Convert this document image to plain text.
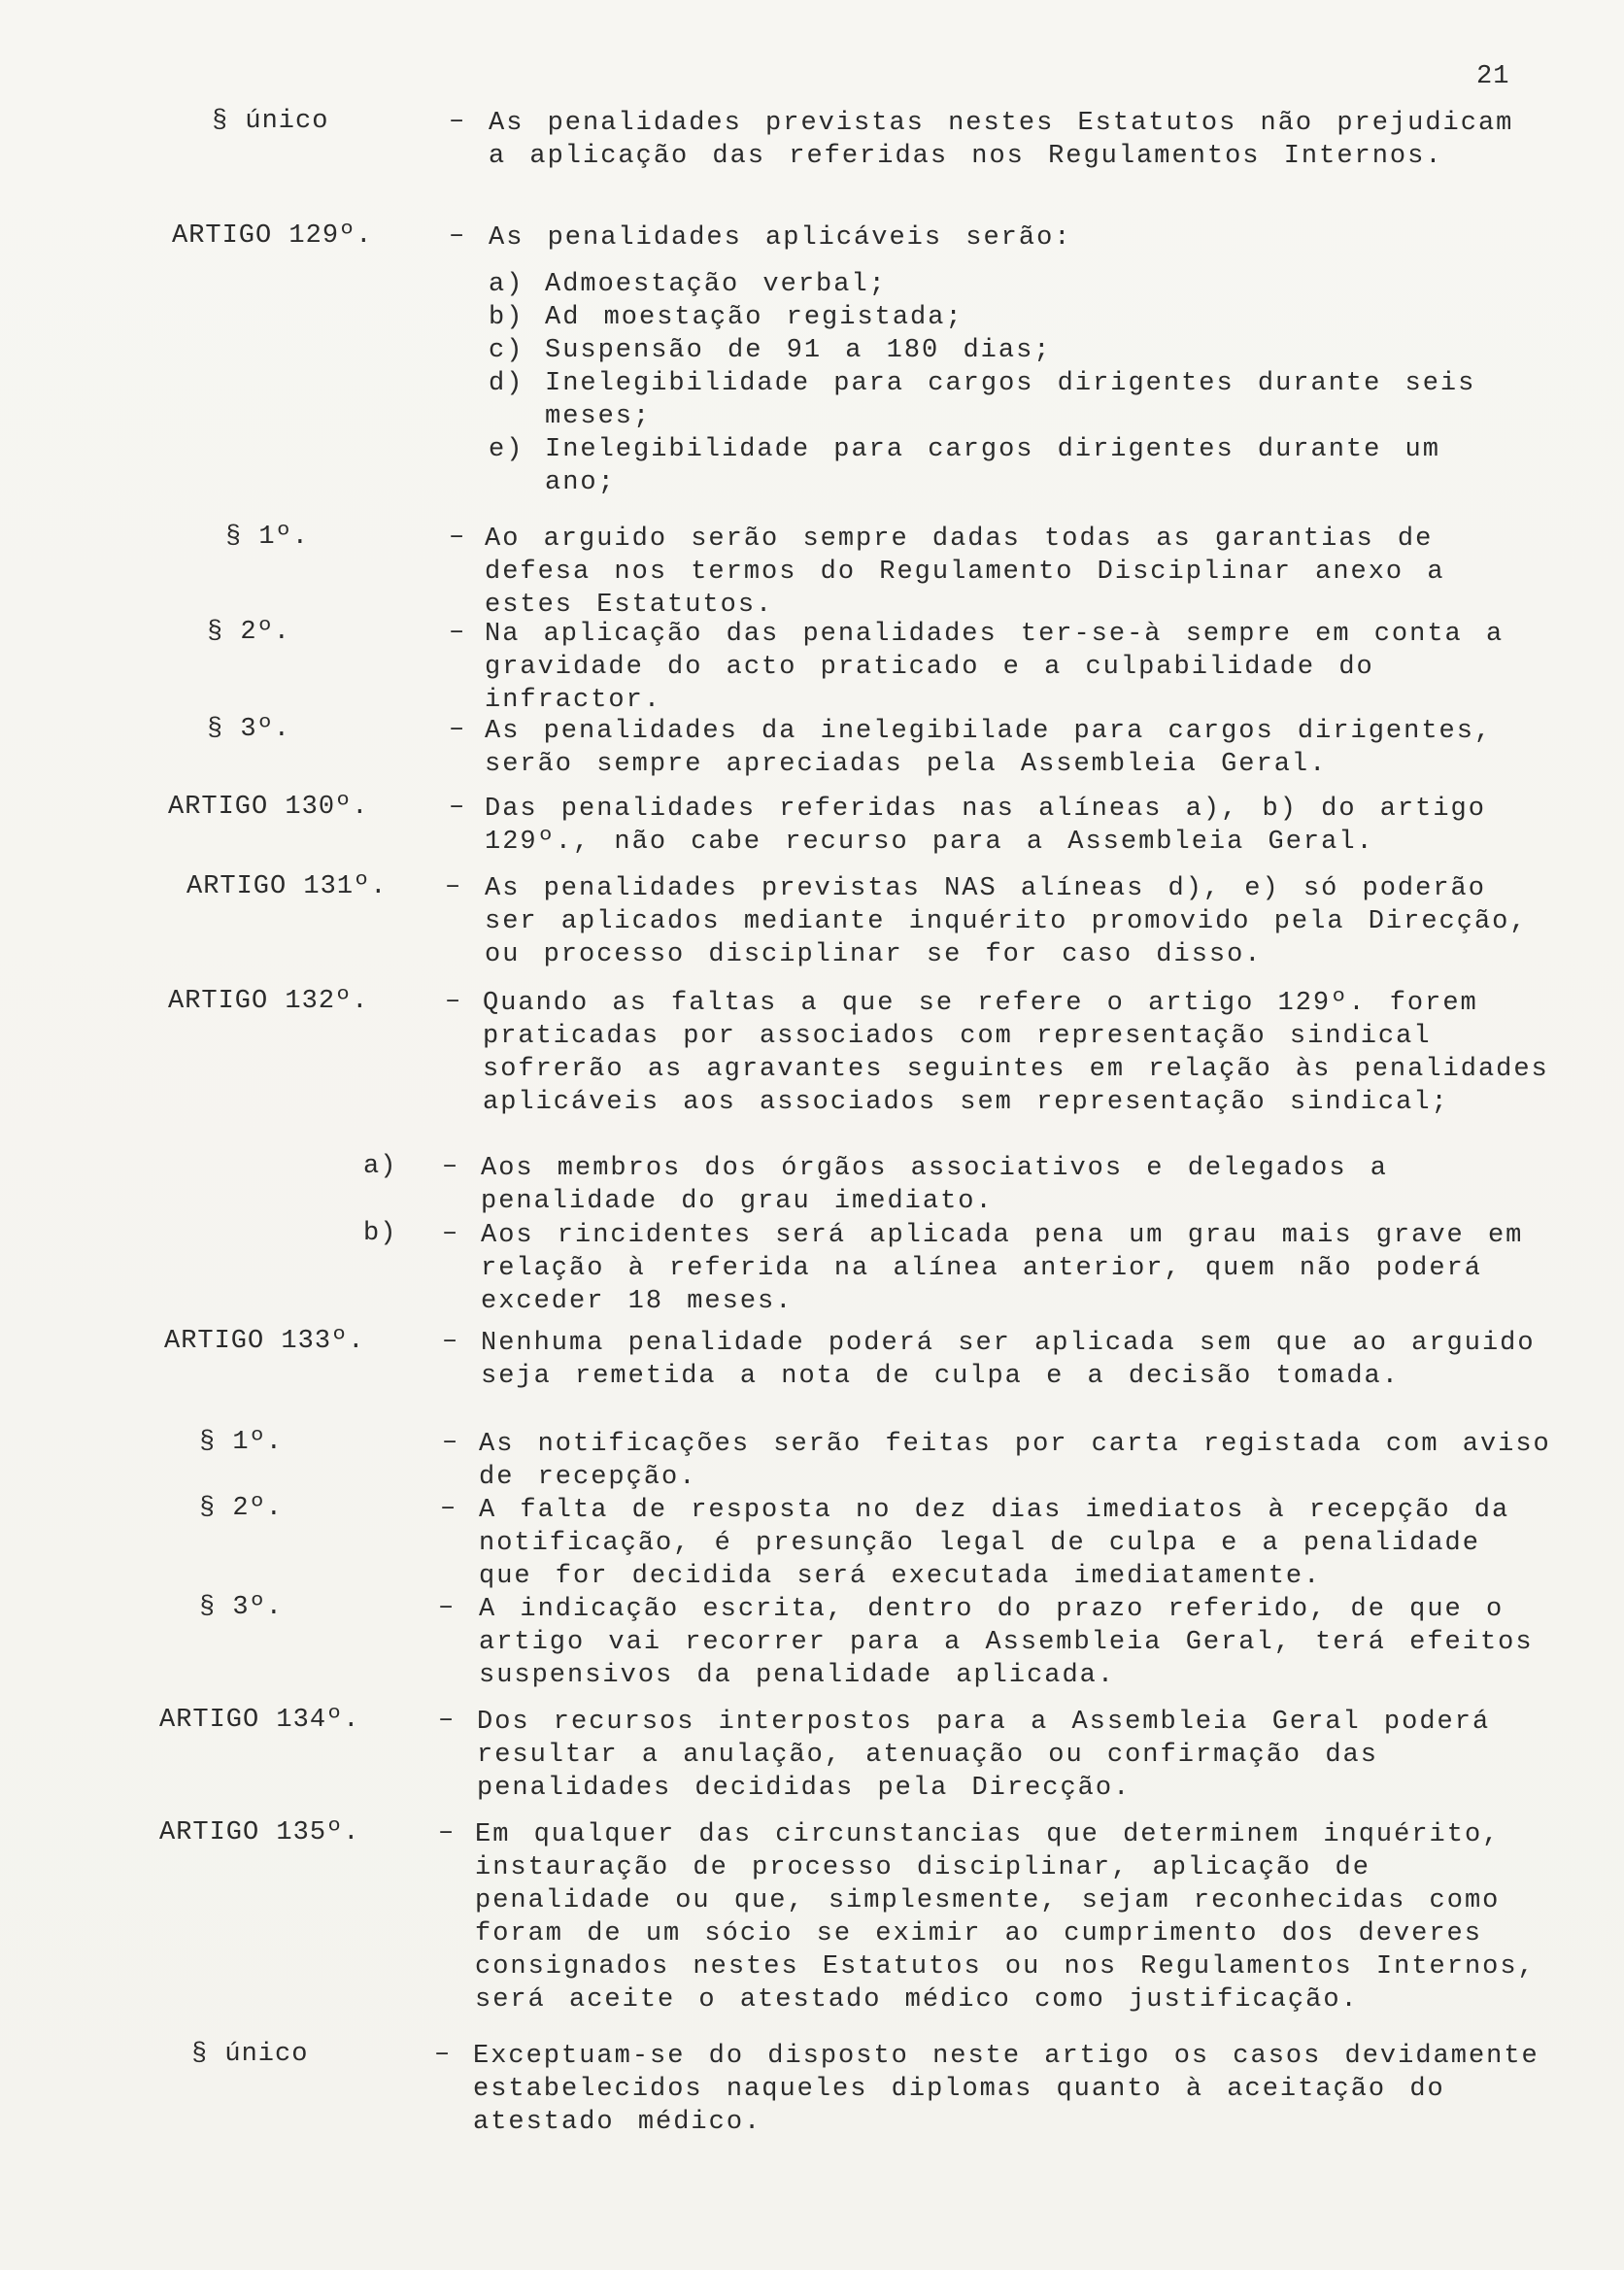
21
§ único	– As penalidades previstas nestes Estatutos não prejudicam a aplicação das referidas nos Regulamentos Internos.
ARTIGO 129º.	– As penalidades aplicáveis serão:
§ 1º.	– Ao arguido serão sempre dadas todas as garantias de defesa nos termos do Regulamento Disciplinar anexo a estes Estatutos.
§ 2º.	– Na aplicação das penalidades ter-se-à sempre em conta a gravidade do acto praticado e a culpabilidade do infractor.
§ 3º.	– As penalidades da inelegibilade para cargos dirigentes, serão sempre apreciadas pela Assembleia Geral.
ARTIGO 130º.	– Das penalidades referidas nas alíneas a), b) do artigo 129º., não cabe recurso para a Assembleia Geral.
ARTIGO 131º. – As penalidades previstas NAS alíneas d), e) só poderão ser aplicados mediante inquérito promovido pela Direcção, ou processo disciplinar se for caso disso.
ARTIGO 132º.	– Quando as faltas a que se refere o artigo 129º. forem praticadas por associados com representação sindical sofrerão as agravantes seguintes em relação às penalidades aplicáveis aos associados sem representação sindical;
a) – Aos membros dos órgãos associativos e delegados a penalidade do grau imediato.
b) – Aos rincidentes será aplicada pena um grau mais grave em relação à referida na alínea anterior, quem não poderá exceder 18 meses.
ARTIGO 133º.	– Nenhuma penalidade poderá ser aplicada sem que ao arguido seja remetida a nota de culpa e a decisão tomada.
§ 1º.	– As notificações serão feitas por carta registada com aviso de recepção.
§ 2º.	– A falta de resposta no dez dias imediatos à recepção da notificação, é presunção legal de culpa e a penalidade que for decidida será executada imediatamente.
§ 3º.	– A indicação escrita, dentro do prazo referido, de que o artigo vai recorrer para a Assembleia Geral, terá efeitos suspensivos da penalidade aplicada.
ARTIGO 134º.	– Dos recursos interpostos para a Assembleia Geral poderá resultar a anulação, atenuação ou confirmação das penalidades decididas pela Direcção.
ARTIGO 135º.	– Em qualquer das circunstancias que determinem inquérito, instauração de processo disciplinar, aplicação de penalidade ou que, simplesmente, sejam reconhecidas como foram de um sócio se eximir ao cumprimento dos deveres consignados nestes Estatutos ou nos Regulamentos Internos, será aceite o atestado médico como justificação.
§ único	– Exceptuam-se do disposto neste artigo os casos devidamente estabelecidos naqueles diplomas quanto à aceitação do atestado médico.
a) Admoestação verbal;
b) Ad moestação registada;
c) Suspensão de 91 a 180 dias;
d) Inelegibilidade para cargos dirigentes durante seis meses;
e) Inelegibilidade para cargos dirigentes durante um ano;
